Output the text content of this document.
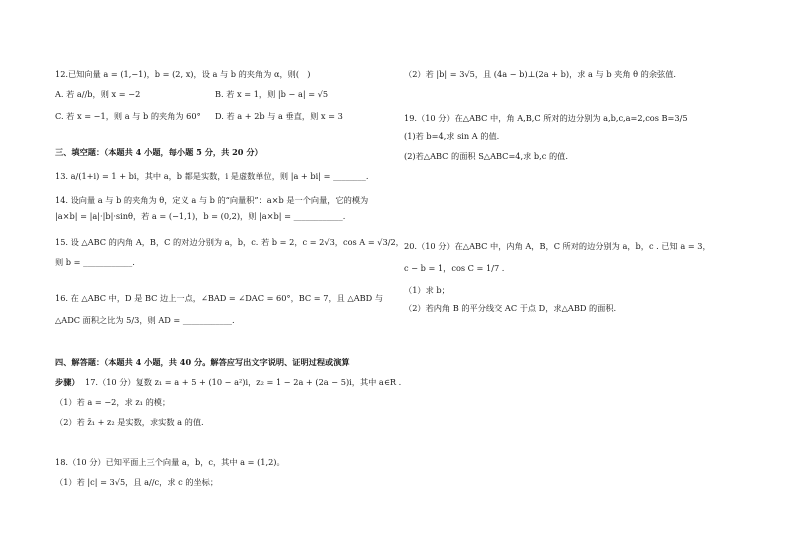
12.已知向量 a = (1,−1)，b = (2, x)，设 a 与 b 的夹角为 α，则(　)
A. 若 a//b，则 x = −2	B. 若 x = 1，则 |b − a| = √5
C. 若 x = −1，则 a 与 b 的夹角为 60° D. 若 a + 2b 与 a 垂直，则 x = 3
三、填空题：（本题共 4 小题，每小题 5 分，共 20 分）
13. a/(1+i) = 1 + bi，其中 a，b 都是实数，i 是虚数单位，则 |a + bi| = ________.
14. 设向量 a 与 b 的夹角为 θ，定义 a 与 b 的“向量积”：a×b 是一个向量，它的模为
|a×b| = |a|·|b|·sinθ，若 a = (−1,1)，b = (0,2)，则 |a×b| = ____________.
15. 设 △ABC 的内角 A，B，C 的对边分别为 a，b，c. 若 b = 2，c = 2√3，cos A = √3/2，
则 b = ____________.
16. 在 △ABC 中，D 是 BC 边上一点，∠BAD = ∠DAC = 60°，BC = 7，且 △ABD 与
△ADC 面积之比为 5/3，则 AD = ____________.
四、解答题：（本题共 4 小题，共 40 分。解答应写出文字说明、证明过程或演算
步骤） 17.（10 分）复数 z₁ = a + 5 + (10 − a²)i，z₂ = 1 − 2a + (2a − 5)i，其中 a∈R .
（1）若 a = −2，求 z₁ 的模；
（2）若 z̄₁ + z₂ 是实数，求实数 a 的值.
18.（10 分）已知平面上三个向量 a，b，c，其中 a = (1,2)。
（1）若 |c| = 3√5，且 a//c，求 c 的坐标；
（2）若 |b| = 3√5，且 (4a − b)⊥(2a + b)，求 a 与 b 夹角 θ 的余弦值.
19.（10 分）在△ABC 中，角 A,B,C 所对的边分别为 a,b,c,a=2,cos B=3/5
(1)若 b=4,求 sin A 的值.
(2)若△ABC 的面积 S△ABC=4,求 b,c 的值.
20.（10 分）在△ABC 中，内角 A，B，C 所对的边分别为 a，b，c . 已知 a = 3，
c − b = 1，cos C = 1/7 .
（1）求 b；
（2）若内角 B 的平分线交 AC 于点 D，求△ABD 的面积.
